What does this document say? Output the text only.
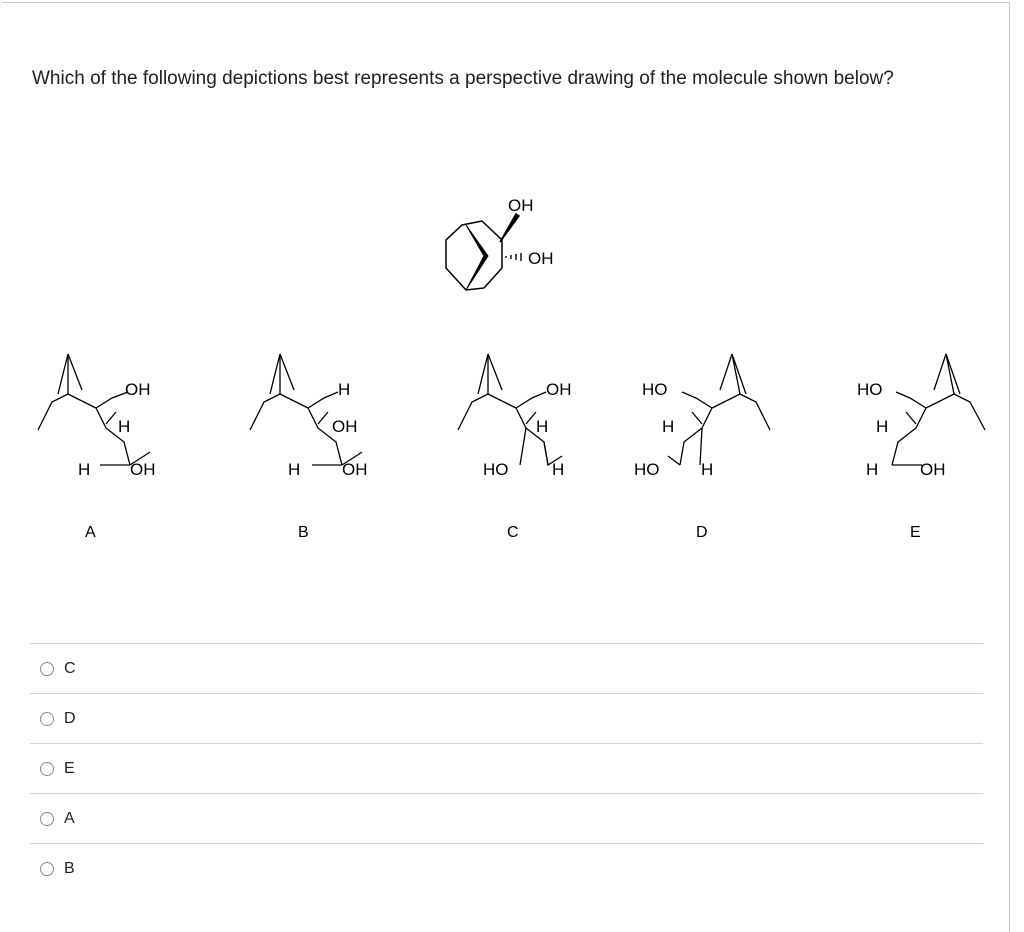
Which of the following depictions best represents a perspective drawing of the molecule shown below?
OH
OH
OH
H
H OH
A
H
OH
H OH
B
OH
H
HO	H
C
HO
H
HO H
D
HO
H
H OH
E
C
D
E
A
B
